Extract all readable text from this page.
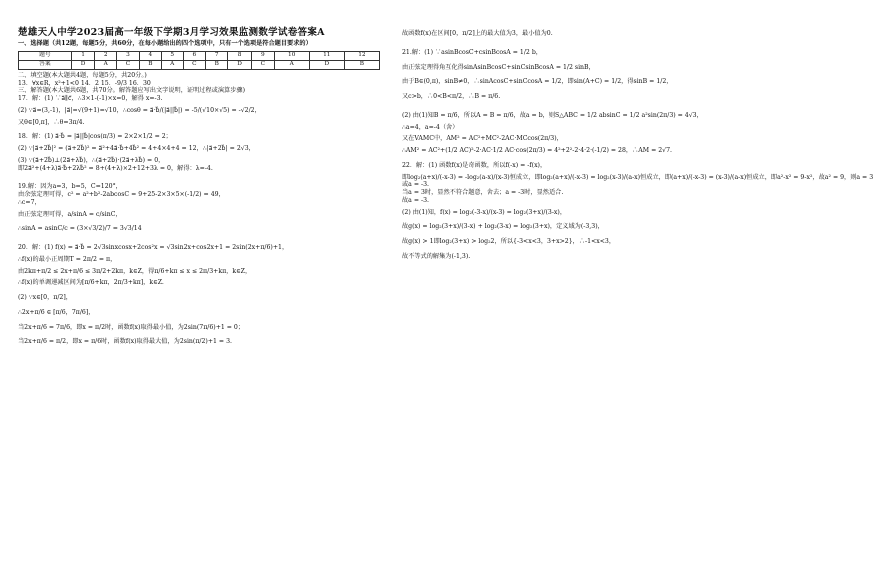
楚雄天人中学2023届高一年级下学期3月学习效果监测数学试卷答案A

一、选择题（共12题，每题5分，共60分，在每小题给出的四个选项中，只有一个选项是符合题目要求的）

题号	1	2	3	4	5	6	7	8	9	10	11	12
答案	D	A	C	B	A	C	B	D	C	A	D	B

二、填空题(本大题共4题，每题5分，共20分。)

13．∀x∈R，x²+1<0 14．2 15．-9/3 16．30

三、解答题(本大题共6题，共70分。解答题应写出文字说明，证明过程或演算步骤)

17．解：(1) ∵a⃗∥c⃗，∴3×1-(-1)×x=0，解得 x=-3.

(2) ∵a⃗=(3,-1)，|a⃗|=√(9+1)=√10，∴cosθ = a⃗·b⃗/(|a⃗||b⃗|) = -5/(√10×√5) = -√2/2，

又θ∈[0,π]，∴θ=3π/4.

18．解：(1) a⃗·b⃗ = |a⃗||b⃗|cos(π/3) = 2×2×1/2 = 2；

(2) ∵|a⃗+2b⃗|² = (a⃗+2b⃗)² = a⃗²+4a⃗·b⃗+4b⃗² = 4+4×4+4 = 12，∴|a⃗+2b⃗| = 2√3，

(3) ∵(a⃗+2b⃗)⊥(2a⃗+λb⃗)，∴(a⃗+2b⃗)·(2a⃗+λb⃗) = 0，

即2a⃗²+(4+λ)a⃗·b⃗+2λb⃗² = 8+(4+λ)×2+12+3λ = 0，解得：λ=-4.

19.解：因为a=3，b=5，C=120°，

由余弦定理可得，c² = a²+b²-2abcosC = 9+25-2×3×5×(-1/2) = 49，

∴c=7，

由正弦定理可得，a/sinA = c/sinC，

∴sinA = asinC/c = (3×√3/2)/7 = 3√3/14

20．解：(1) f(x) = a⃗·b⃗ = 2√3sinxcosx+2cos²x = √3sin2x+cos2x+1 = 2sin(2x+π/6)+1，

∴f(x)的最小正周期T = 2π/2 = π，

由2kπ+π/2 ≤ 2x+π/6 ≤ 3π/2+2kπ，k∈Z，得π/6+kπ ≤ x ≤ 2π/3+kπ，k∈Z，

∴f(x)的单调递减区间为[π/6+kπ，2π/3+kπ]，k∈Z.

(2) ∵x∈[0，π/2]，

∴2x+π/6 ∈ [π/6，7π/6]，

当2x+π/6 = 7π/6，即x = π/2时，函数f(x)取得最小值，为2sin(7π/6)+1 = 0；

当2x+π/6 = π/2，即x = π/6时，函数f(x)取得最大值，为2sin(π/2)+1 = 3.

故函数f(x)在区间[0，π/2]上的最大值为3，最小值为0.

21.解：(1) ∵asinBcosC+csinBcosA = 1/2 b，

由正弦定理得角互化得sinAsinBcosC+sinCsinBcosA = 1/2 sinB，

由于B∈(0,π)，sinB≠0，∴sinAcosC+sinCcosA = 1/2，即sin(A+C) = 1/2，得sinB = 1/2，

又c>b，∴0<B<π/2，∴B = π/6.

(2) 由(1)知B = π/6，所以A = B = π/6，故a = b，则S△ABC = 1/2 absinC = 1/2 a²sin(2π/3) = 4√3，

∴a=4，a=-4（舍）

又在VAMC中，AM² = AC²+MC²-2AC·MCcos(2π/3)，

∴AM² = AC²+(1/2 AC)²-2·AC·1/2 AC·cos(2π/3) = 4²+2²-2·4·2·(-1/2) = 28，∴AM = 2√7.

22．解：(1) 函数f(x)是奇函数，所以f(-x) = -f(x)，

即log₂(a+x)/(-x-3) = -log₂(a-x)/(x-3)恒成立，即log₂(a+x)/(-x-3) = log₂(x-3)/(a-x)恒成立，即(a+x)/(-x-3) = (x-3)/(a-x)恒成立，即a²-x² = 9-x²，故a² = 9，则a = 3

或a = -3.

当a = 3时，显然不符合题意，舍去；a = -3时，显然适合.

故a = -3.

(2) 由(1)知，f(x) = log₂(-3-x)/(x-3) = log₂(3+x)/(3-x)，

故g(x) = log₂(3+x)/(3-x) + log₂(3-x) = log₂(3+x)，定义域为(-3,3)，

故g(x) > 1即log₂(3+x) > log₂2，所以{-3<x<3，3+x>2}，∴-1<x<3，

故不等式的解集为(-1,3).
